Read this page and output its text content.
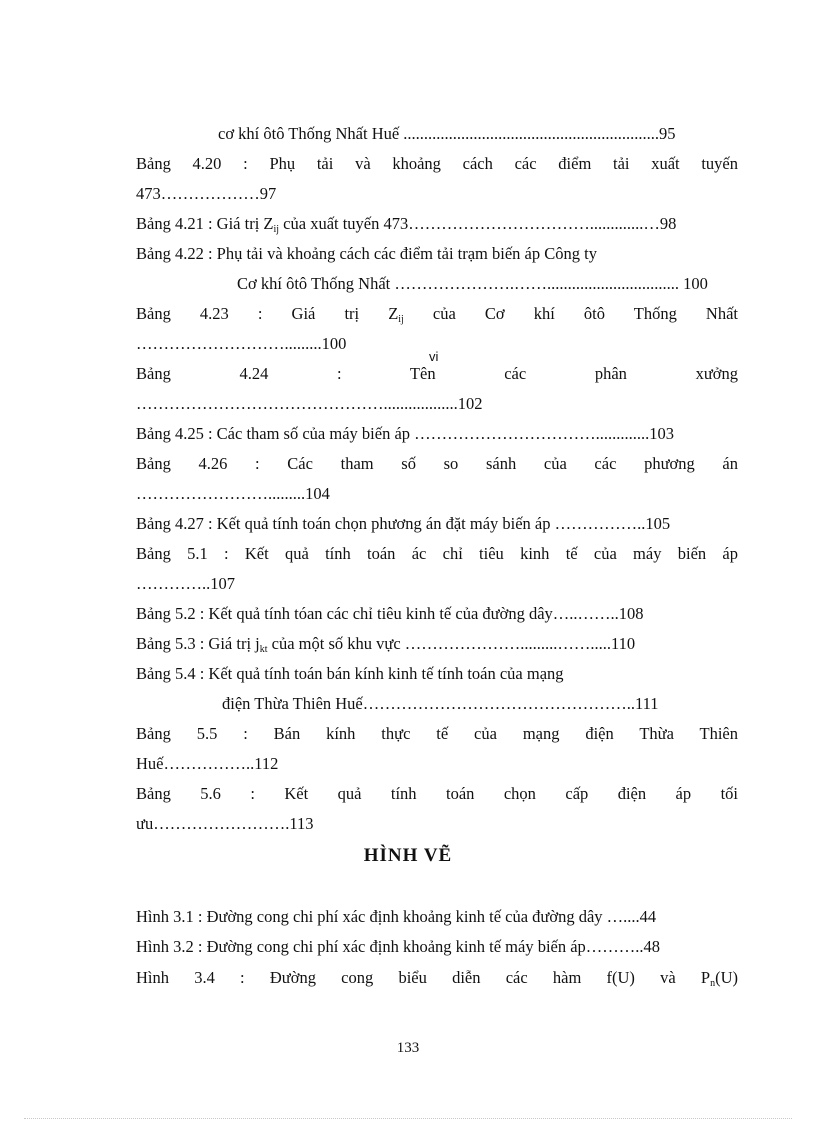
cơ khí ôtô Thống Nhất Huế ..............................................................95
Bảng 4.20 : Phụ tải và khoảng cách các điểm tải xuất tuyến
473………………97
Bảng 4.21 : Giá trị $Z_{ij}$ của xuất tuyến 473…………………………….............…98
Bảng 4.22 : Phụ tải và khoảng cách các điểm tải trạm biến áp Công ty
Cơ khí ôtô Thống Nhất ………………….……................................ 100
Bảng 4.23 : Giá trị $Z_{ij}$ của Cơ khí ôtô Thống Nhất
……………………….........100
vi
Bảng 4.24 : Tên các phân xưởng
………………………………………..................102
Bảng 4.25 : Các tham số của máy biến áp …………………………….............103
Bảng 4.26 : Các tham số so sánh của các phương án
…………………….........104
Bảng 4.27 : Kết quả tính toán chọn phương án đặt máy biến áp ……………..105
Bảng 5.1 : Kết quả tính toán ác chỉ tiêu kinh tế của máy biến áp
…………..107
Bảng 5.2 : Kết quả tính tóan các chỉ tiêu kinh tế của đường dây…..……..108
Bảng 5.3 : Giá trị $j_{kt}$ của một số khu vực ………………….........…….....110
Bảng 5.4 : Kết quả tính toán bán kính kinh tế tính toán của mạng
điện Thừa Thiên Huế…………………………………………..111
Bảng 5.5 : Bán kính thực tế của mạng điện Thừa Thiên
Huế……………..112
Bảng 5.6 : Kết quả tính toán chọn cấp điện áp tối
ưu…………………….113
HÌNH VẼ
Hình 3.1 : Đường cong chi phí xác định khoảng kinh tế của đường dây …....44
Hình 3.2 : Đường cong chi phí xác định khoảng kinh tế máy biến áp………..48
Hình 3.4 : Đường cong biểu diễn các hàm f(U) và $P_n(U)$
133
